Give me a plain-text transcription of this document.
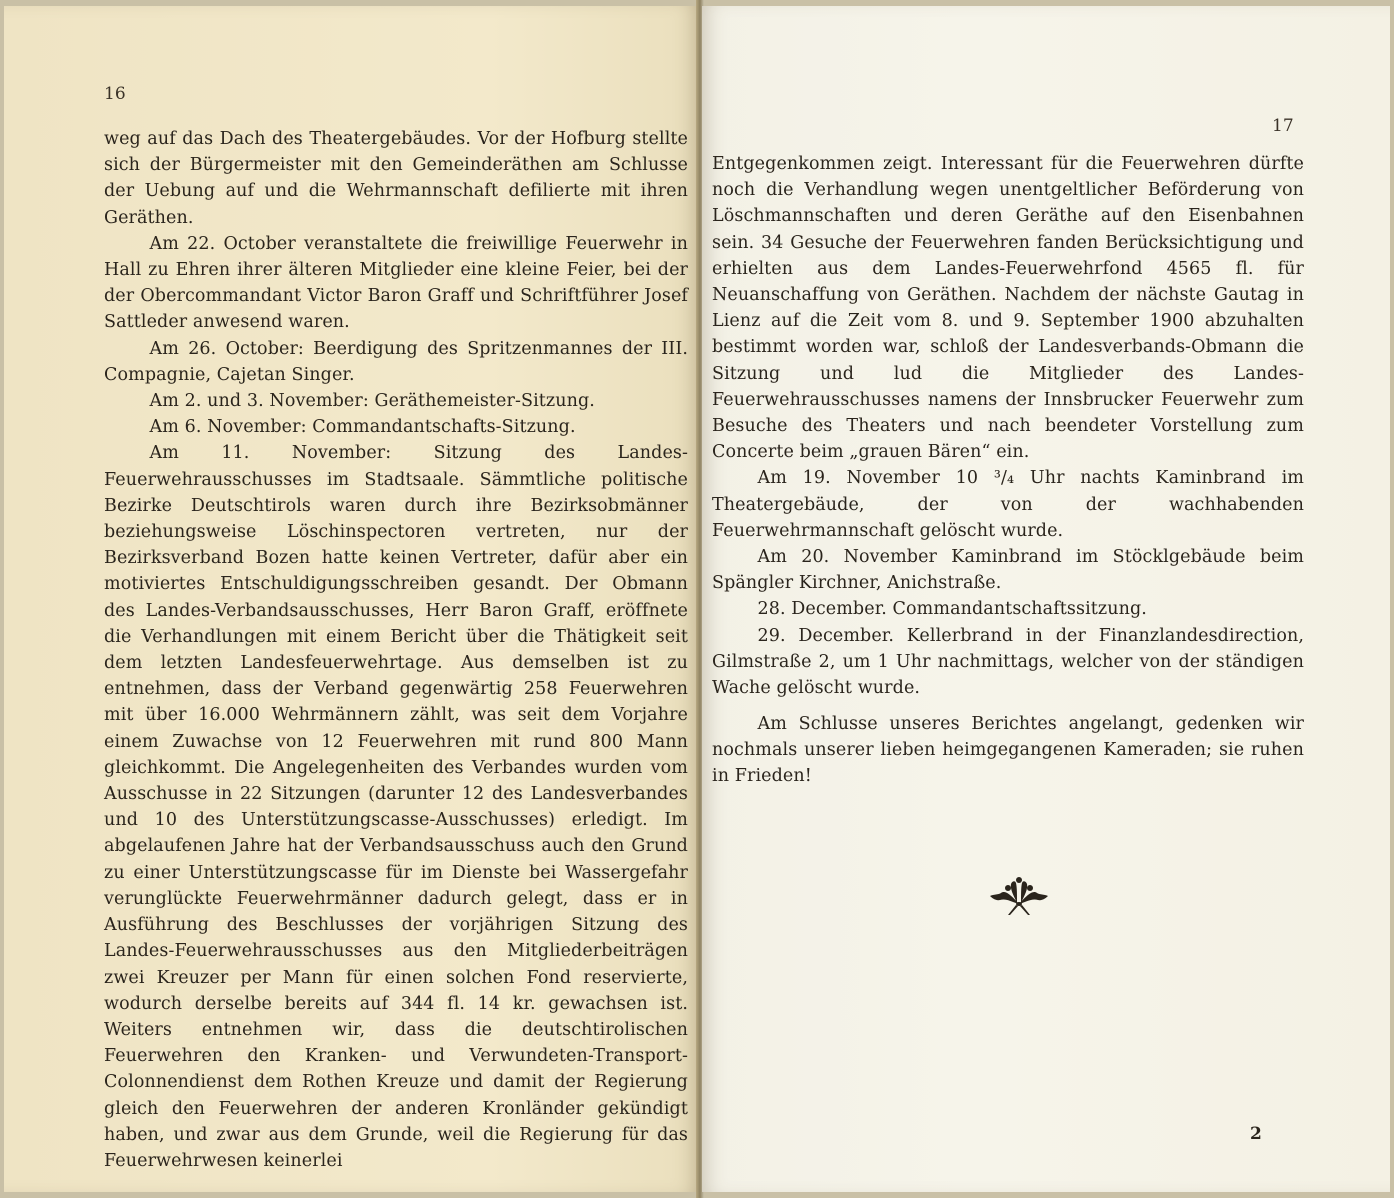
16

weg auf das Dach des Theatergebäudes. Vor der Hofburg stellte sich der Bürgermeister mit den Gemeinderäthen am Schlusse der Uebung auf und die Wehrmannschaft defilierte mit ihren Geräthen.

Am 22. October veranstaltete die freiwillige Feuerwehr in Hall zu Ehren ihrer älteren Mitglieder eine kleine Feier, bei der der Obercommandant Victor Baron Graff und Schriftführer Josef Sattleder anwesend waren.

Am 26. October: Beerdigung des Spritzenmannes der III. Compagnie, Cajetan Singer.

Am 2. und 3. November: Geräthemeister-Sitzung.

Am 6. November: Commandantschafts-Sitzung.

Am 11. November: Sitzung des Landes-Feuerwehrausschusses im Stadtsaale. Sämmtliche politische Bezirke Deutschtirols waren durch ihre Bezirksobmänner beziehungsweise Löschinspectoren vertreten, nur der Bezirksverband Bozen hatte keinen Vertreter, dafür aber ein motiviertes Entschuldigungsschreiben gesandt. Der Obmann des Landes-Verbandsausschusses, Herr Baron Graff, eröffnete die Verhandlungen mit einem Bericht über die Thätigkeit seit dem letzten Landesfeuerwehrtage. Aus demselben ist zu entnehmen, dass der Verband gegenwärtig 258 Feuerwehren mit über 16.000 Wehrmännern zählt, was seit dem Vorjahre einem Zuwachse von 12 Feuerwehren mit rund 800 Mann gleichkommt. Die Angelegenheiten des Verbandes wurden vom Ausschusse in 22 Sitzungen (darunter 12 des Landesverbandes und 10 des Unterstützungscasse-Ausschusses) erledigt. Im abgelaufenen Jahre hat der Verbandsausschuss auch den Grund zu einer Unterstützungscasse für im Dienste bei Wassergefahr verunglückte Feuerwehrmänner dadurch gelegt, dass er in Ausführung des Beschlusses der vorjährigen Sitzung des Landes-Feuerwehrausschusses aus den Mitgliederbeiträgen zwei Kreuzer per Mann für einen solchen Fond reservierte, wodurch derselbe bereits auf 344 fl. 14 kr. gewachsen ist. Weiters entnehmen wir, dass die deutschtirolischen Feuerwehren den Kranken- und Verwundeten-Transport-Colonnendienst dem Rothen Kreuze und damit der Regierung gleich den Feuerwehren der anderen Kronländer gekündigt haben, und zwar aus dem Grunde, weil die Regierung für das Feuerwehrwesen keinerlei

17

Entgegenkommen zeigt. Interessant für die Feuerwehren dürfte noch die Verhandlung wegen unentgeltlicher Beförderung von Löschmannschaften und deren Geräthe auf den Eisenbahnen sein. 34 Gesuche der Feuerwehren fanden Berücksichtigung und erhielten aus dem Landes-Feuerwehrfond 4565 fl. für Neuanschaffung von Geräthen. Nachdem der nächste Gautag in Lienz auf die Zeit vom 8. und 9. September 1900 abzuhalten bestimmt worden war, schloß der Landesverbands-Obmann die Sitzung und lud die Mitglieder des Landes-Feuerwehrausschusses namens der Innsbrucker Feuerwehr zum Besuche des Theaters und nach beendeter Vorstellung zum Concerte beim „grauen Bären“ ein.

Am 19. November 10 ³/₄ Uhr nachts Kaminbrand im Theatergebäude, der von der wachhabenden Feuerwehrmannschaft gelöscht wurde.

Am 20. November Kaminbrand im Stöcklgebäude beim Spängler Kirchner, Anichstraße.

28. December. Commandantschaftssitzung.

29. December. Kellerbrand in der Finanzlandesdirection, Gilmstraße 2, um 1 Uhr nachmittags, welcher von der ständigen Wache gelöscht wurde.

Am Schlusse unseres Berichtes angelangt, gedenken wir nochmals unserer lieben heimgegangenen Kameraden; sie ruhen in Frieden!

2
